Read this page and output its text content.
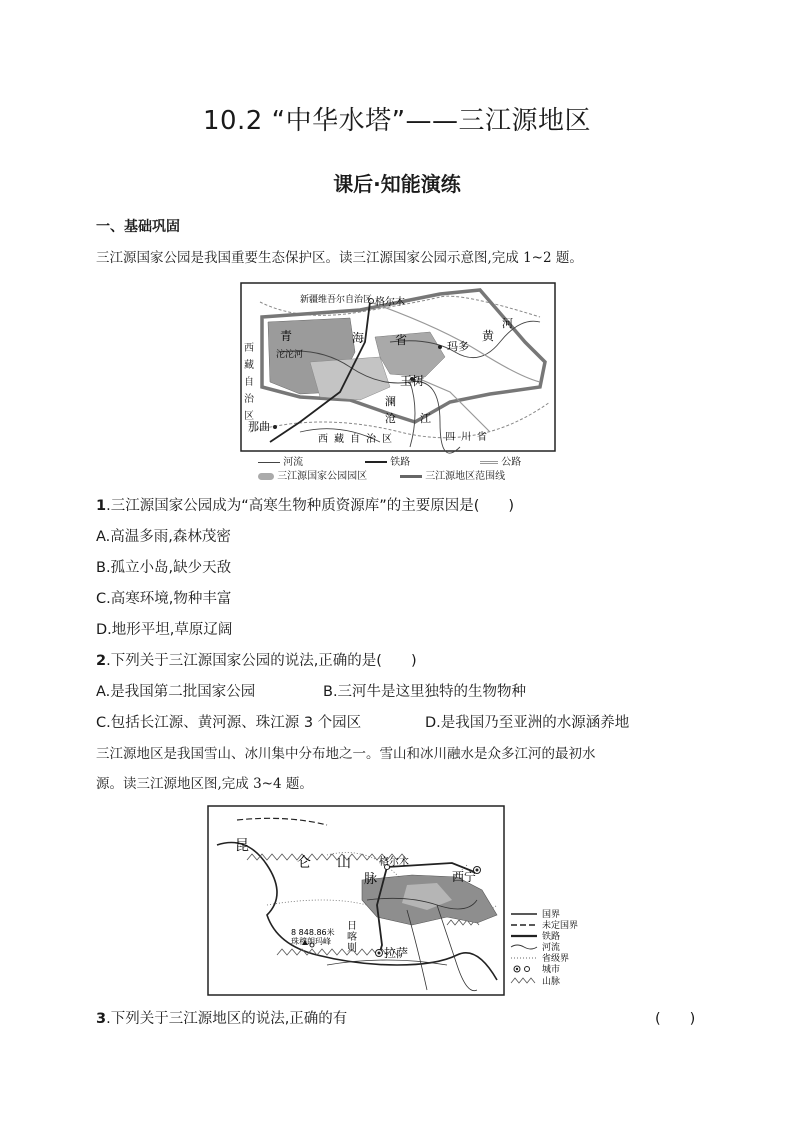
10.2 “中华水塔”——三江源地区
课后·知能演练
一、基础巩固
三江源国家公园是我国重要生态保护区。读三江源国家公园示意图,完成 1~2 题。
新疆维吾尔自治区 格尔木
青	海	省
沱沱河
玛多
黄
河
玉树
澜
沧 江
那曲
西藏自治区	四川省
西藏自治区
河流	铁路	公路
三江源国家公园园区	三江源地区范围线
1.三江源国家公园成为“高寒生物种质资源库”的主要原因是(　　)
A.高温多雨,森林茂密
B.孤立小岛,缺少天敌
C.高寒环境,物种丰富
D.地形平坦,草原辽阔
2.下列关于三江源国家公园的说法,正确的是(　　)
A.是我国第二批国家公园	B.三河牛是这里独特的生物物种
C.包括长江源、黄河源、珠江源 3 个园区	D.是我国乃至亚洲的水源涵养地
三江源地区是我国雪山、冰川集中分布地之一。雪山和冰川融水是众多江河的最初水
源。读三江源地区图,完成 3~4 题。
昆
仑 山
脉
格尔木
西宁
8 848.86米
珠穆朗玛峰
日
喀
则 拉萨
国界
未定国界
铁路
河流
省级界
城市
山脉
3.下列关于三江源地区的说法,正确的有	(　　)
